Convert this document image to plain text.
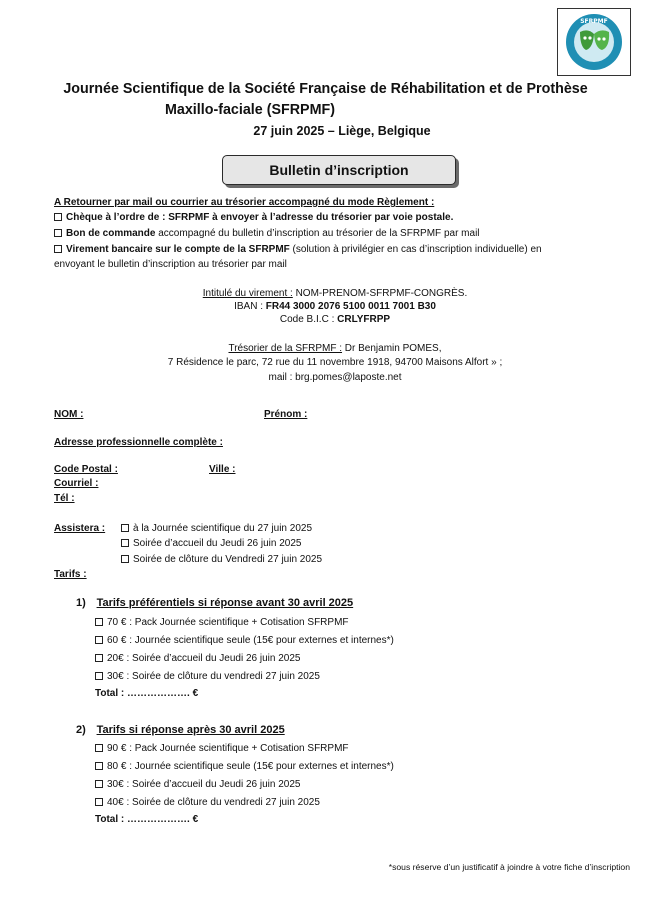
SFRPMF
Journée Scientifique de la Société Française de Réhabilitation et de Prothèse
Maxillo-faciale (SFRPMF)
27 juin 2025 – Liège, Belgique
Bulletin d’inscription
A Retourner par mail ou courrier au trésorier accompagné du mode Règlement :
Chèque à l’ordre de : SFRPMF à envoyer à l’adresse du trésorier par voie postale.
Bon de commande accompagné du bulletin d’inscription au trésorier de la SFRPMF par mail
Virement bancaire sur le compte de la SFRPMF (solution à privilégier en cas d’inscription individuelle) en
envoyant le bulletin d’inscription au trésorier par mail
Intitulé du virement : NOM-PRENOM-SFRPMF-CONGRÈS.
IBAN : FR44 3000 2076 5100 0011 7001 B30
Code B.I.C : CRLYFRPP
Trésorier de la SFRPMF : Dr Benjamin POMES,
7 Résidence le parc, 72 rue du 11 novembre 1918, 94700 Maisons Alfort » ;
mail : brg.pomes@laposte.net
NOM :	Prénom :
Adresse professionnelle complète :
Code Postal :	Ville :
Courriel :
Tél :
Assistera :	à la Journée scientifique du 27 juin 2025
Soirée d’accueil du Jeudi 26 juin 2025
Soirée de clôture du Vendredi 27 juin 2025
Tarifs :
1) Tarifs préférentiels si réponse avant 30 avril 2025
70 € : Pack Journée scientifique + Cotisation SFRPMF
60 € : Journée scientifique seule (15€ pour externes et internes*)
20€ : Soirée d’accueil du Jeudi 26 juin 2025
30€ : Soirée de clôture du vendredi 27 juin 2025
Total : ………………. €
2) Tarifs si réponse après 30 avril 2025
90 € : Pack Journée scientifique + Cotisation SFRPMF
80 € : Journée scientifique seule (15€ pour externes et internes*)
30€ : Soirée d’accueil du Jeudi 26 juin 2025
40€ : Soirée de clôture du vendredi 27 juin 2025
Total : ………………. €
*sous réserve d’un justificatif à joindre à votre fiche d’inscription
